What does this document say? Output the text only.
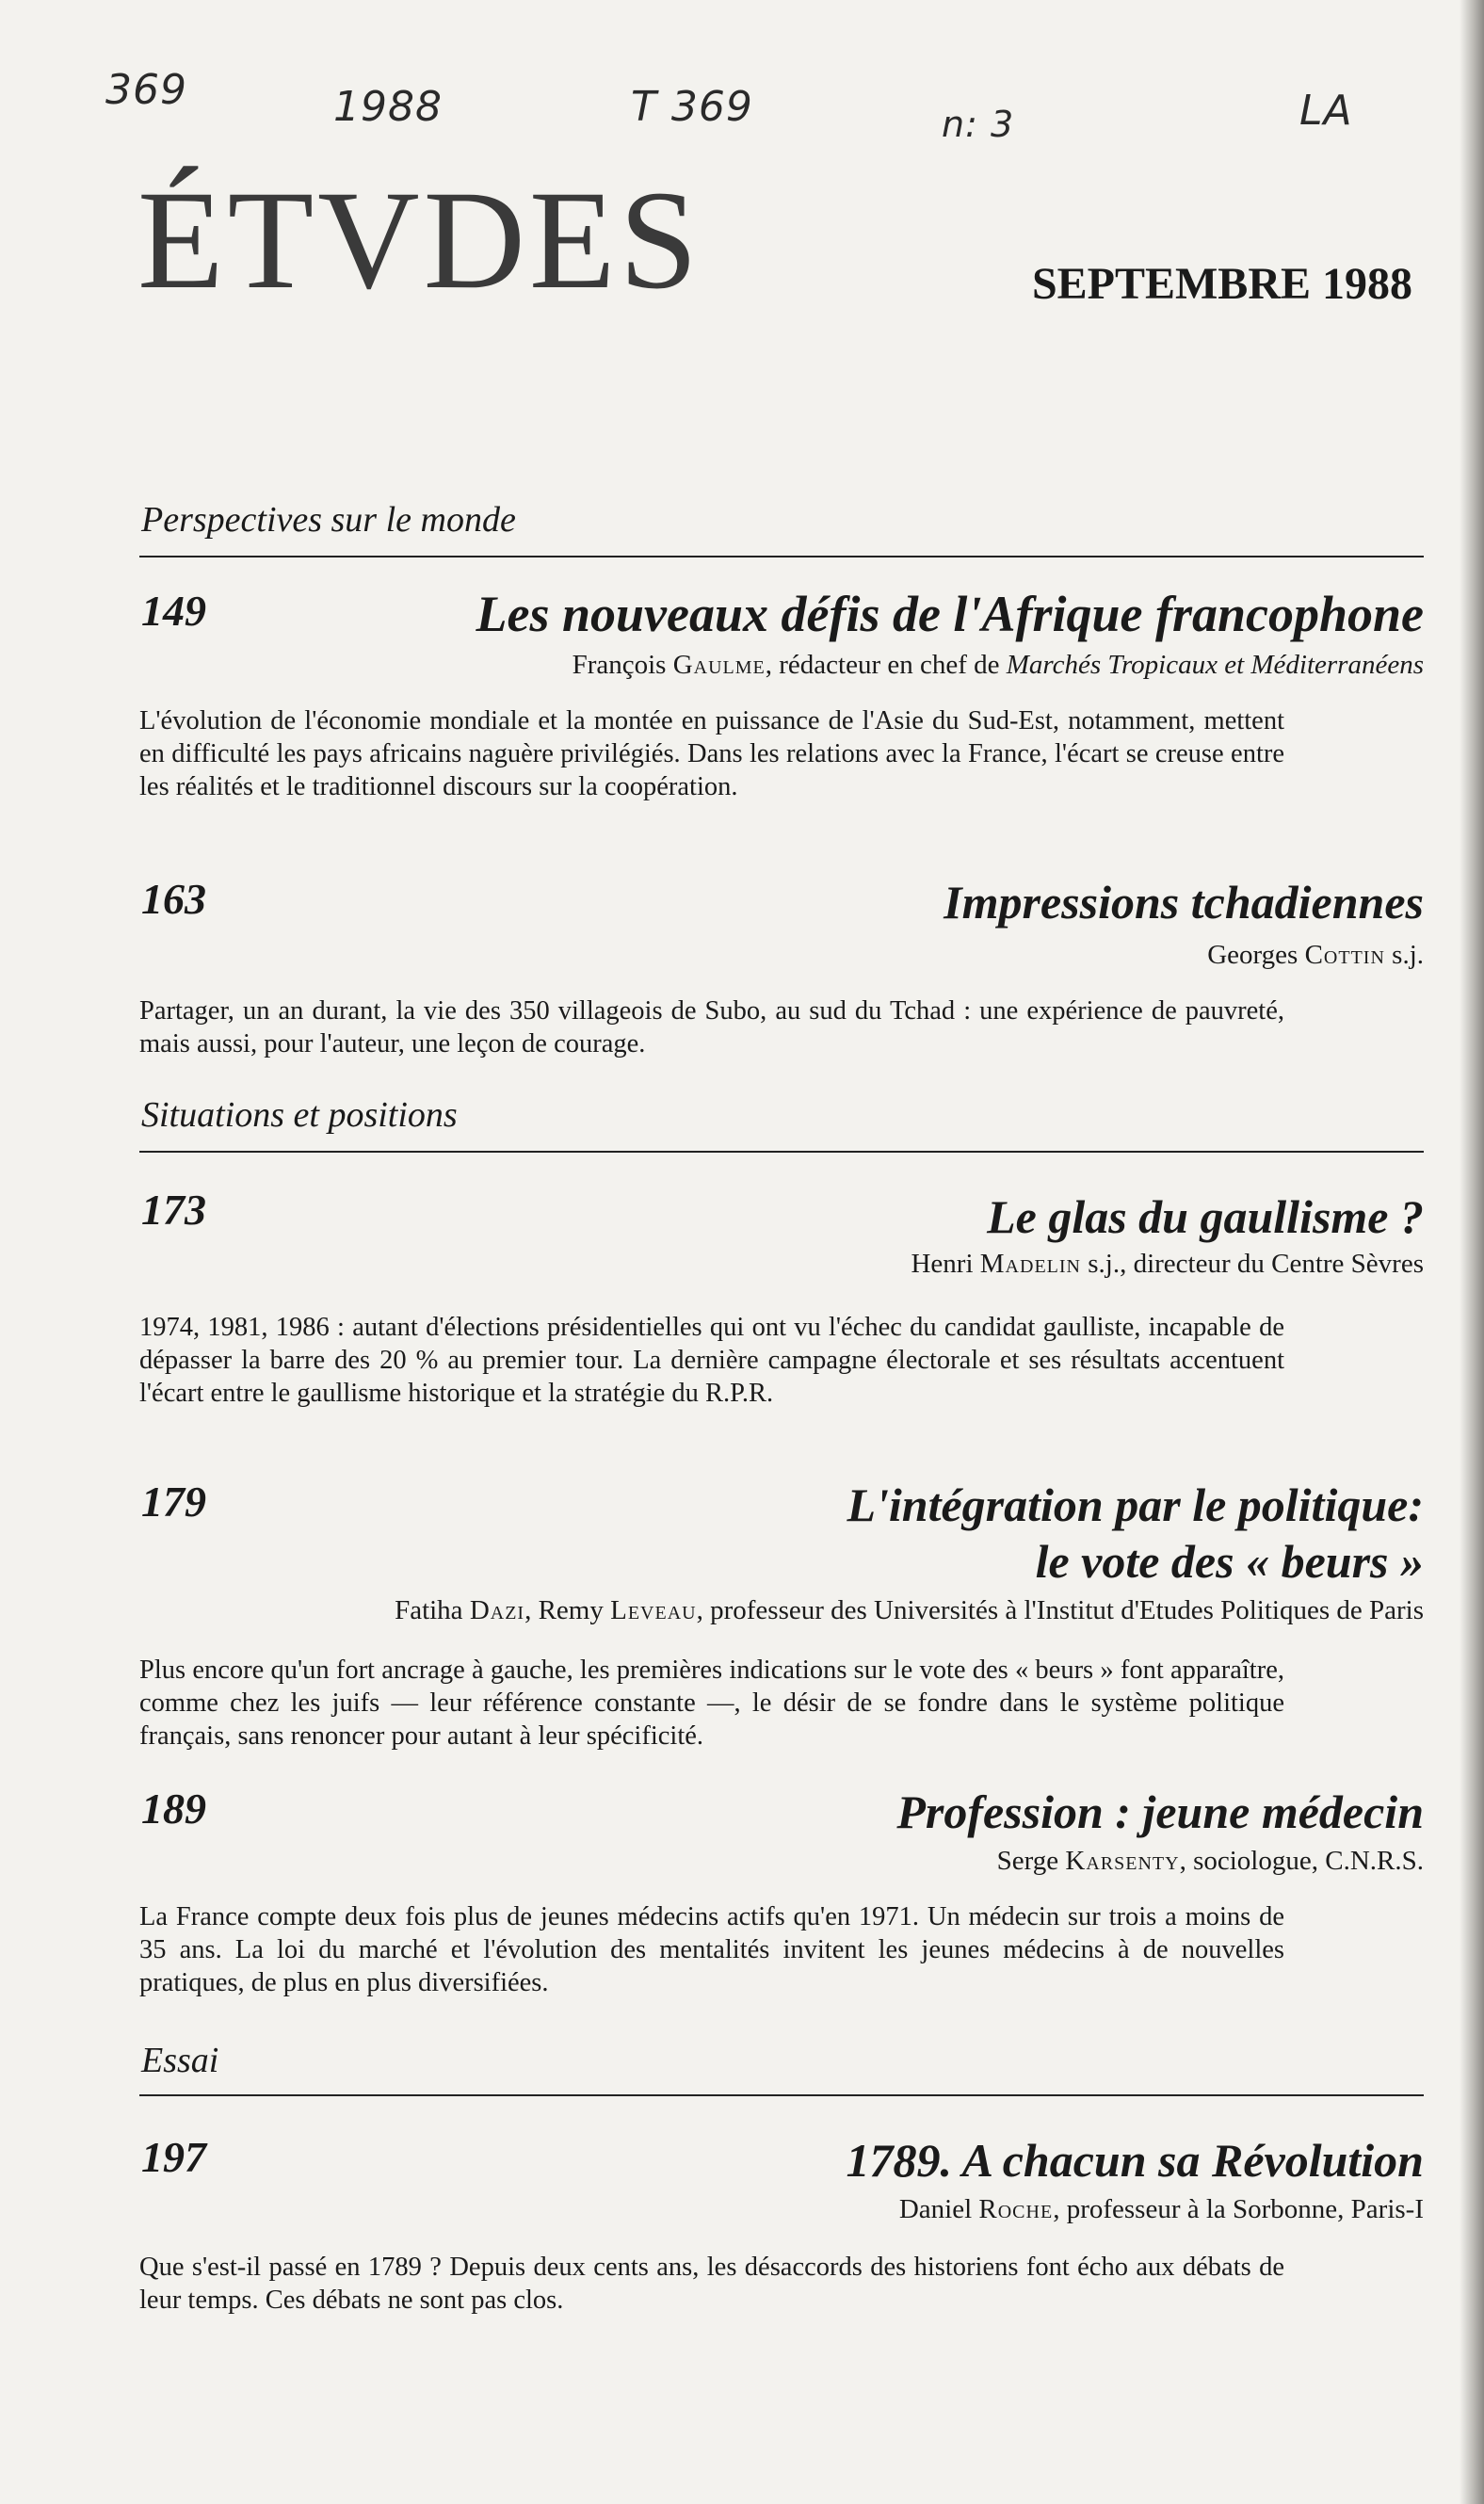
369	1988	T 369	n: 3	LA
ÉTVDES	SEPTEMBRE 1988
Perspectives sur le monde
149	Les nouveaux défis de l'Afrique francophone
François Gaulme, rédacteur en chef de Marchés Tropicaux et Méditerranéens
L'évolution de l'économie mondiale et la montée en puissance de l'Asie du Sud-Est, notamment, mettent en difficulté les pays africains naguère privilégiés. Dans les relations avec la France, l'écart se creuse entre les réalités et le traditionnel discours sur la coopération.
163	Impressions tchadiennes
Georges Cottin s.j.
Partager, un an durant, la vie des 350 villageois de Subo, au sud du Tchad : une expérience de pauvreté, mais aussi, pour l'auteur, une leçon de courage.
Situations et positions
173	Le glas du gaullisme ?
Henri Madelin s.j., directeur du Centre Sèvres
1974, 1981, 1986 : autant d'élections présidentielles qui ont vu l'échec du candidat gaulliste, incapable de dépasser la barre des 20 % au premier tour. La dernière campagne électorale et ses résultats accentuent l'écart entre le gaullisme historique et la stratégie du R.P.R.
179	L'intégration par le politique:
le vote des « beurs »
Fatiha Dazi, Remy Leveau, professeur des Universités à l'Institut d'Etudes Politiques de Paris
Plus encore qu'un fort ancrage à gauche, les premières indications sur le vote des « beurs » font apparaître, comme chez les juifs — leur référence constante —, le désir de se fondre dans le système politique français, sans renoncer pour autant à leur spécificité.
189	Profession : jeune médecin
Serge Karsenty, sociologue, C.N.R.S.
La France compte deux fois plus de jeunes médecins actifs qu'en 1971. Un médecin sur trois a moins de 35 ans. La loi du marché et l'évolution des mentalités invitent les jeunes médecins à de nouvelles pratiques, de plus en plus diversifiées.
Essai
197	1789. A chacun sa Révolution
Daniel Roche, professeur à la Sorbonne, Paris-I
Que s'est-il passé en 1789 ? Depuis deux cents ans, les désaccords des historiens font écho aux débats de leur temps. Ces débats ne sont pas clos.
